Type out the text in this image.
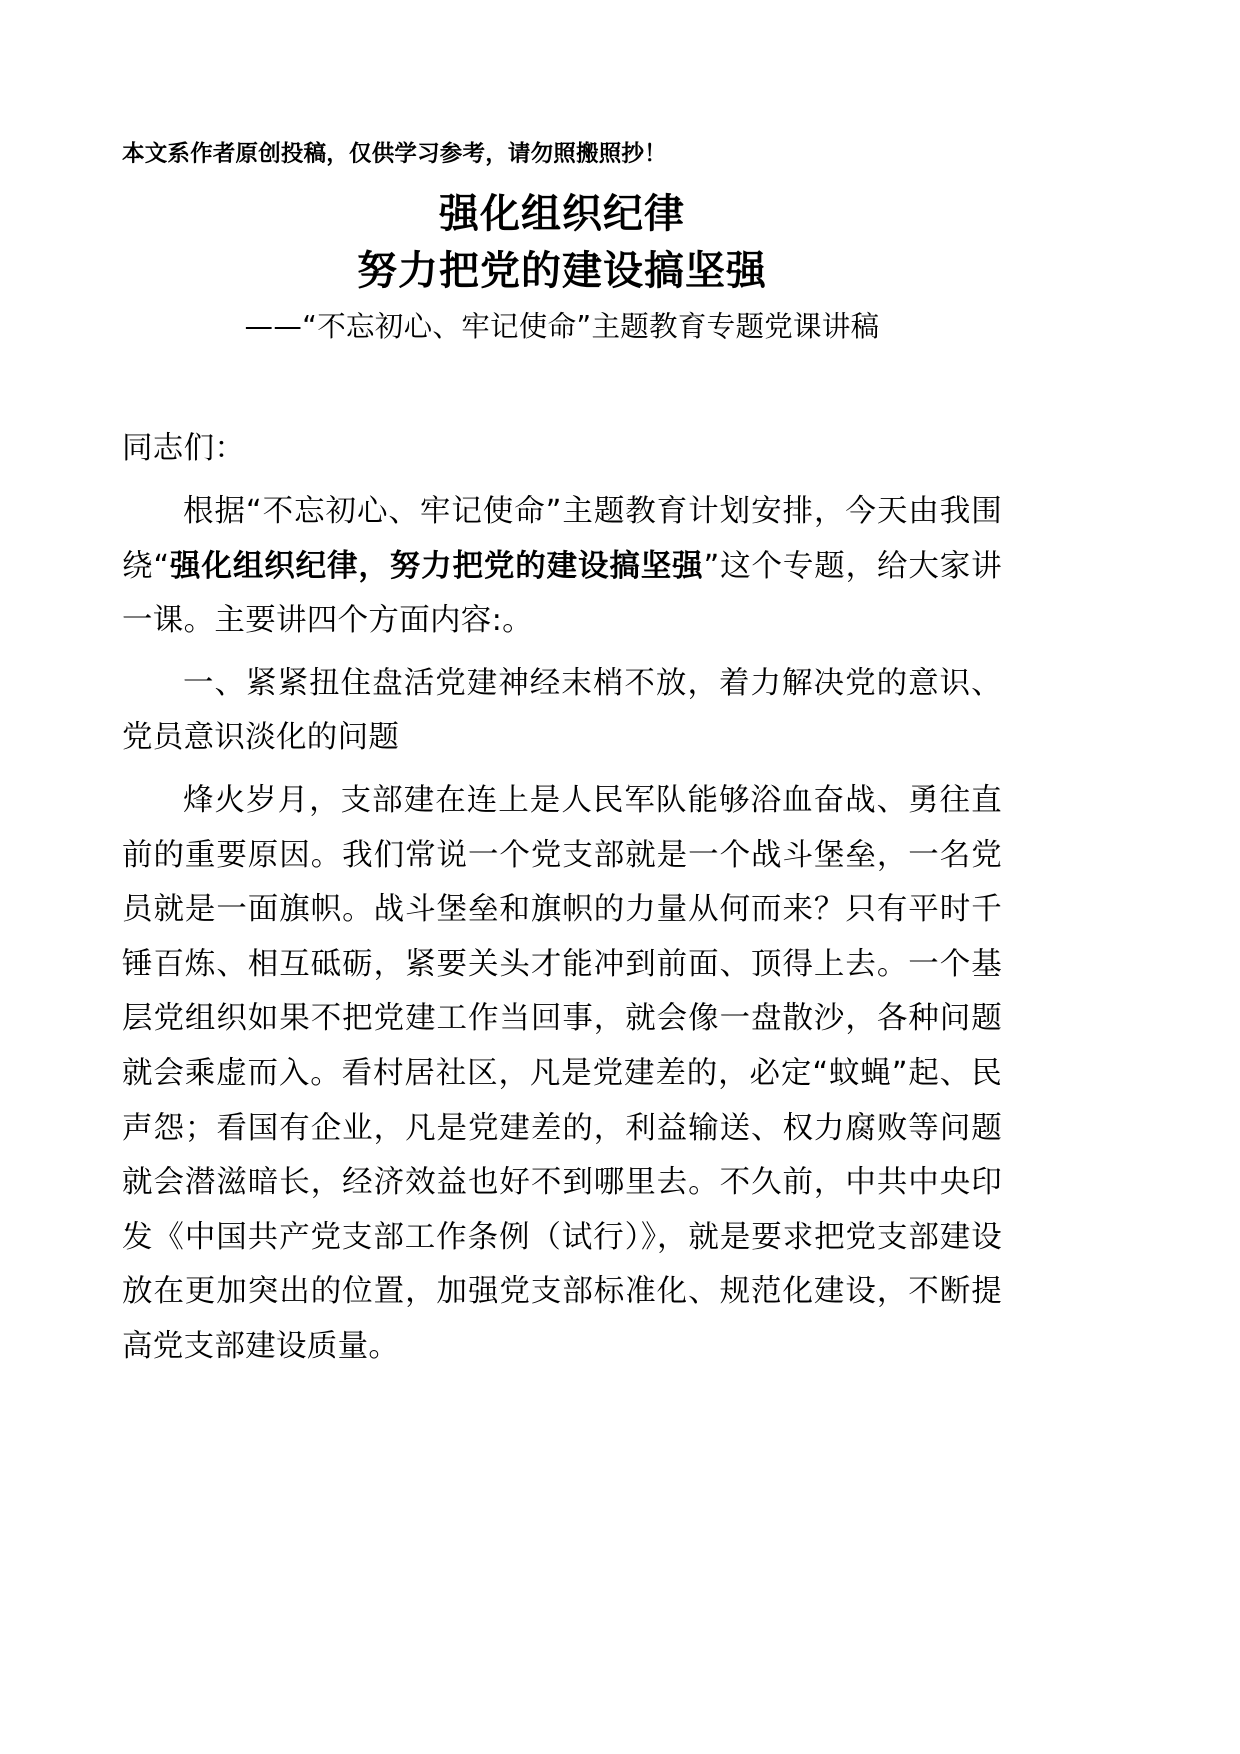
本文系作者原创投稿，仅供学习参考，请勿照搬照抄！
强化组织纪律
努力把党的建设搞坚强
——“不忘初心、牢记使命”主题教育专题党课讲稿

同志们：

根据“不忘初心、牢记使命”主题教育计划安排，今天由我围绕“强化组织纪律，努力把党的建设搞坚强”这个专题，给大家讲一课。主要讲四个方面内容:。

一、紧紧扭住盘活党建神经末梢不放，着力解决党的意识、党员意识淡化的问题

烽火岁月，支部建在连上是人民军队能够浴血奋战、勇往直前的重要原因。我们常说一个党支部就是一个战斗堡垒，一名党员就是一面旗帜。战斗堡垒和旗帜的力量从何而来？只有平时千锤百炼、相互砥砺，紧要关头才能冲到前面、顶得上去。一个基层党组织如果不把党建工作当回事，就会像一盘散沙，各种问题就会乘虚而入。看村居社区，凡是党建差的，必定“蚊蝇”起、民声怨；看国有企业，凡是党建差的，利益输送、权力腐败等问题就会潜滋暗长，经济效益也好不到哪里去。不久前，中共中央印发《中国共产党支部工作条例（试行）》，就是要求把党支部建设放在更加突出的位置，加强党支部标准化、规范化建设，不断提高党支部建设质量。
